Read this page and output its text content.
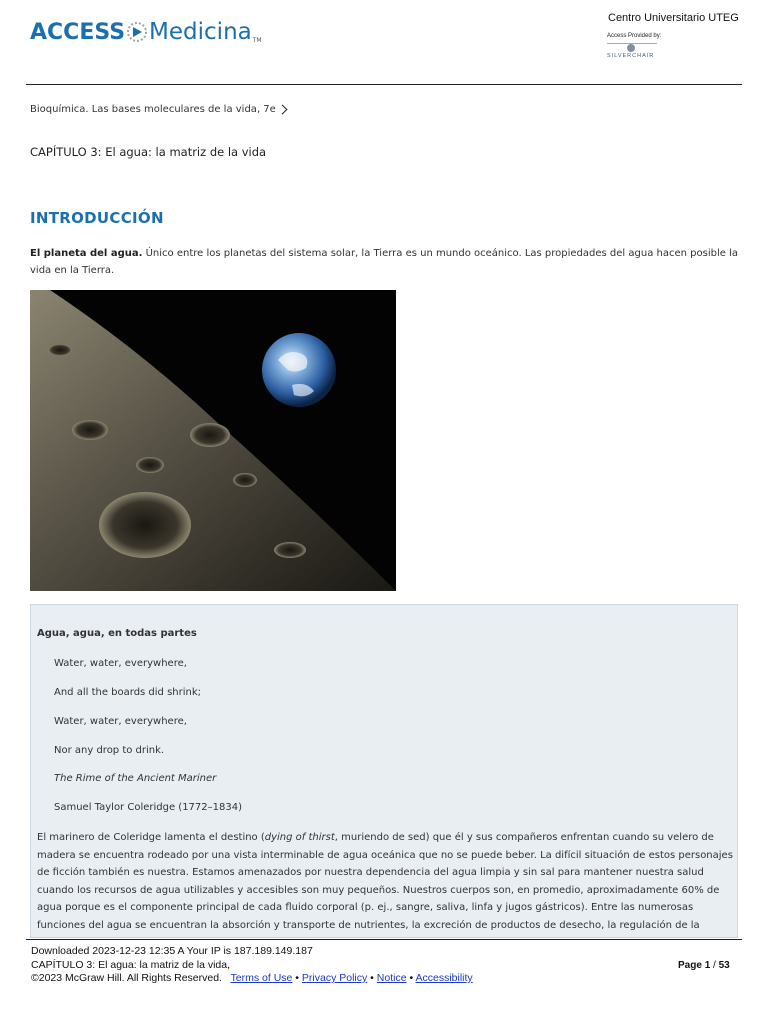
ACCESS Medicina TM
Centro Universitario UTEG
Access Provided by:
SILVERCHAIR
Bioquímica. Las bases moleculares de la vida, 7e
CAPÍTULO 3: El agua: la matriz de la vida
INTRODUCCIÓN
El planeta del agua. Único entre los planetas del sistema solar, la Tierra es un mundo oceánico. Las propiedades del agua hacen posible la vida en la Tierra.
Agua, agua, en todas partes
Water, water, everywhere,
And all the boards did shrink;
Water, water, everywhere,
Nor any drop to drink.
The Rime of the Ancient Mariner
Samuel Taylor Coleridge (1772–1834)
El marinero de Coleridge lamenta el destino (dying of thirst, muriendo de sed) que él y sus compañeros enfrentan cuando su velero de madera se encuentra rodeado por una vista interminable de agua oceánica que no se puede beber. La difícil situación de estos personajes de ficción también es nuestra. Estamos amenazados por nuestra dependencia del agua limpia y sin sal para mantener nuestra salud cuando los recursos de agua utilizables y accesibles son muy pequeños. Nuestros cuerpos son, en promedio, aproximadamente 60% de agua porque es el componente principal de cada fluido corporal (p. ej., sangre, saliva, linfa y jugos gástricos). Entre las numerosas funciones del agua se encuentran la absorción y transporte de nutrientes, la excreción de productos de desecho, la regulación de la
Downloaded 2023-12-23 12:35 A Your IP is 187.189.149.187
CAPÍTULO 3: El agua: la matriz de la vida,
©2023 McGraw Hill. All Rights Reserved. Terms of Use • Privacy Policy • Notice • Accessibility
Page 1 / 53
